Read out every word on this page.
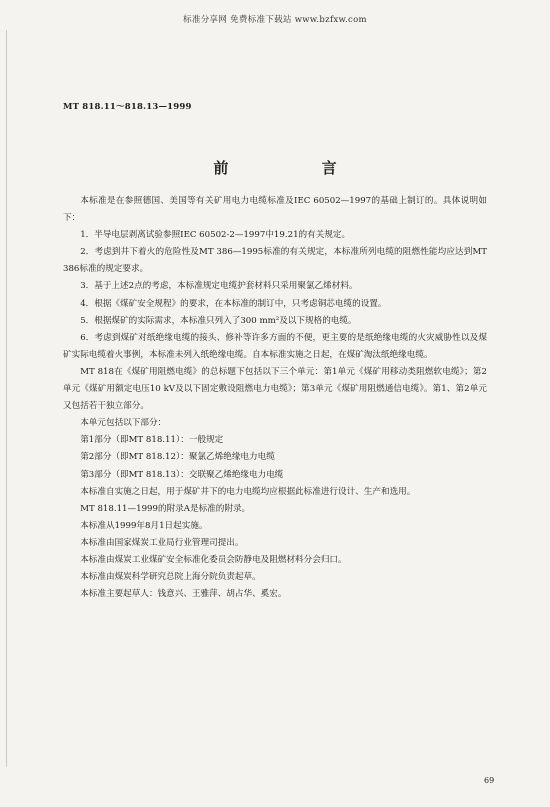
标准分享网 免费标准下载站 www.bzfxw.com
MT 818.11～818.13—1999
前 言

本标准是在参照德国、美国等有关矿用电力电缆标准及IEC 60502—1997的基础上制订的。具体说明如下：

1．半导电层剥离试验参照IEC 60502-2—1997中19.21的有关规定。

2．考虑到井下着火的危险性及MT 386—1995标准的有关规定，本标准所列电缆的阻燃性能均应达到MT 386标准的规定要求。

3．基于上述2点的考虑，本标准规定电缆护套材料只采用聚氯乙烯材料。

4．根据《煤矿安全规程》的要求，在本标准的制订中，只考虑铜芯电缆的设置。

5．根据煤矿的实际需求，本标准只列入了300 mm²及以下规格的电缆。

6．考虑到煤矿对纸绝缘电缆的接头、修补等许多方面的不便，更主要的是纸绝缘电缆的火灾威胁性以及煤矿实际电缆着火事例，本标准未列入纸绝缘电缆。自本标准实施之日起，在煤矿淘汰纸绝缘电缆。

MT 818在《煤矿用阻燃电缆》的总标题下包括以下三个单元：第1单元《煤矿用移动类阻燃软电缆》；第2单元《煤矿用额定电压10 kV及以下固定敷设阻燃电力电缆》；第3单元《煤矿用阻燃通信电缆》。第1、第2单元又包括若干独立部分。

本单元包括以下部分：

第1部分（即MT 818.11）：一般规定

第2部分（即MT 818.12）：聚氯乙烯绝缘电力电缆

第3部分（即MT 818.13）：交联聚乙烯绝缘电力电缆

本标准自实施之日起，用于煤矿井下的电力电缆均应根据此标准进行设计、生产和选用。

MT 818.11—1999的附录A是标准的附录。

本标准从1999年8月1日起实施。

本标准由国家煤炭工业局行业管理司提出。

本标准由煤炭工业煤矿安全标准化委员会防静电及阻燃材料分会归口。

本标准由煤炭科学研究总院上海分院负责起草。

本标准主要起草人：钱意兴、王雅萍、胡占华、奚宏。

69
